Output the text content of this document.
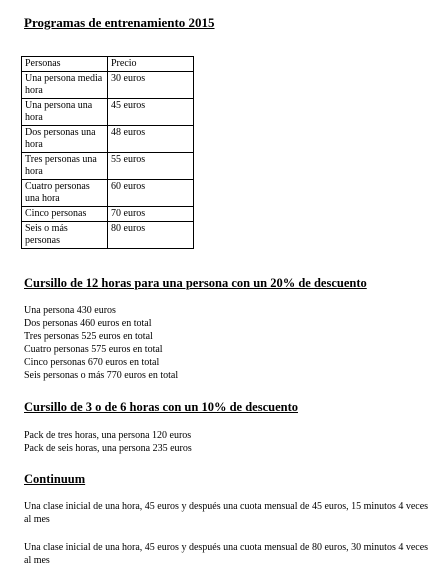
Programas de entrenamiento 2015
Personas	Precio
Una persona media hora	30 euros
Una persona una hora	45 euros
Dos personas una hora	48 euros
Tres personas una hora	55 euros
Cuatro personas una hora	60 euros
Cinco personas	70 euros
Seis o más personas	80 euros
Cursillo de 12 horas para una persona con un 20% de descuento
Una persona 430 euros
Dos personas 460 euros en total
Tres personas 525 euros en total
Cuatro personas 575 euros en total
Cinco personas 670 euros en total
Seis personas o más 770 euros en total
Cursillo de 3 o de 6 horas con un 10% de descuento
Pack de tres horas, una persona 120 euros
Pack de seis horas, una persona 235 euros
Continuum
Una clase inicial de una hora, 45 euros y después una cuota mensual de 45 euros, 15 minutos 4 veces al mes
Una clase inicial de una hora, 45 euros y después una cuota mensual de 80 euros, 30 minutos 4 veces al mes
